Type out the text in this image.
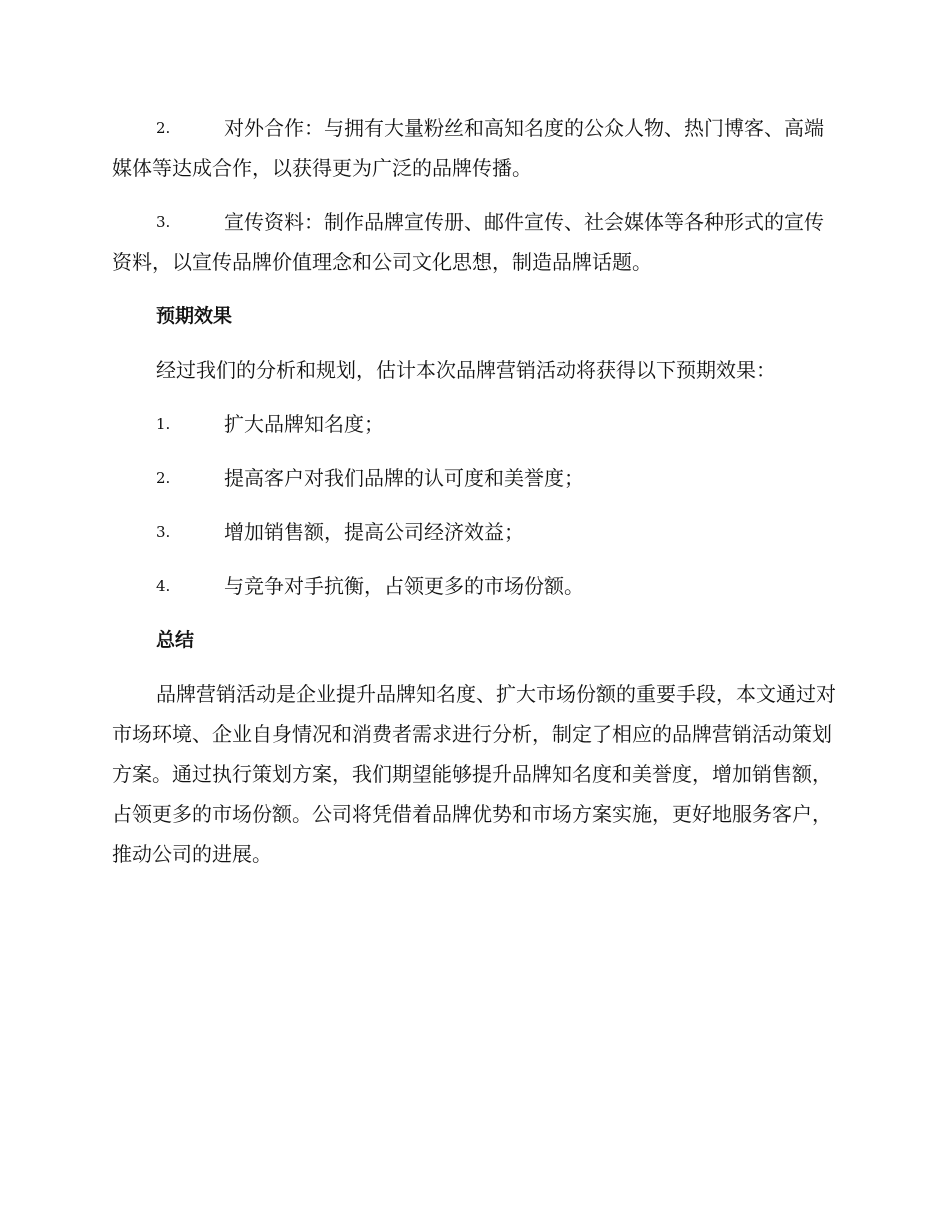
2.	对外合作：与拥有大量粉丝和高知名度的公众人物、热门博客、高端媒体等达成合作，以获得更为广泛的品牌传播。
3.	宣传资料：制作品牌宣传册、邮件宣传、社会媒体等各种形式的宣传资料，以宣传品牌价值理念和公司文化思想，制造品牌话题。
预期效果
经过我们的分析和规划，估计本次品牌营销活动将获得以下预期效果：
1.	扩大品牌知名度；
2.	提高客户对我们品牌的认可度和美誉度；
3.	增加销售额，提高公司经济效益；
4.	与竞争对手抗衡，占领更多的市场份额。
总结
品牌营销活动是企业提升品牌知名度、扩大市场份额的重要手段，本文通过对市场环境、企业自身情况和消费者需求进行分析，制定了相应的品牌营销活动策划方案。通过执行策划方案，我们期望能够提升品牌知名度和美誉度，增加销售额，占领更多的市场份额。公司将凭借着品牌优势和市场方案实施，更好地服务客户，推动公司的进展。
